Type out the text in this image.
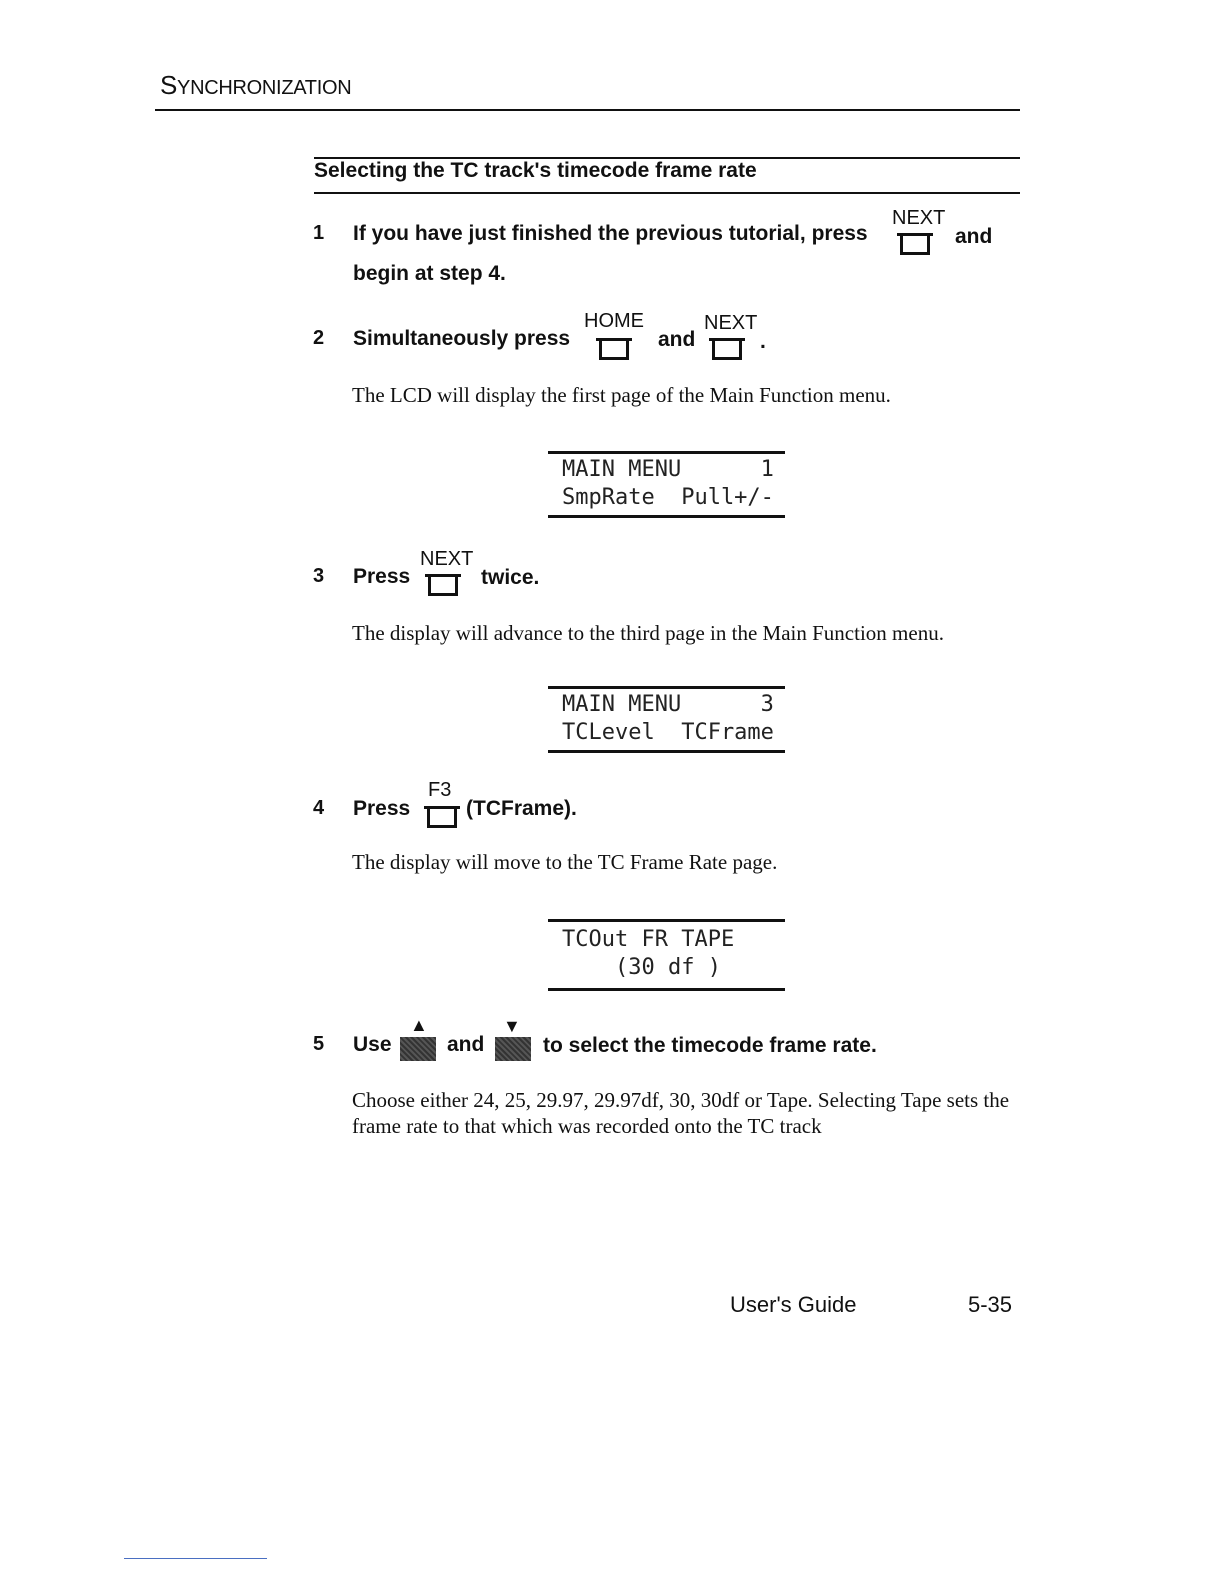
SYNCHRONIZATION
Selecting the TC track's timecode frame rate
1 If you have just finished the previous tutorial, press
NEXT
and
begin at step 4.
2 Simultaneously press
HOME
and
NEXT
.
The LCD will display the first page of the Main Function menu.
MAIN MENU      1
SmpRate  Pull+/-
3 Press
NEXT
twice.
The display will advance to the third page in the Main Function menu.
MAIN MENU      3
TCLevel  TCFrame
4 Press
F3
(TCFrame).
The display will move to the TC Frame Rate page.
TCOut FR TAPE
(30 df )
5 Use
▲
and
▼
to select the timecode frame rate.
Choose either 24, 25, 29.97, 29.97df, 30, 30df or Tape. Selecting Tape sets the frame rate to that which was recorded onto the TC track
User's Guide	5-35
